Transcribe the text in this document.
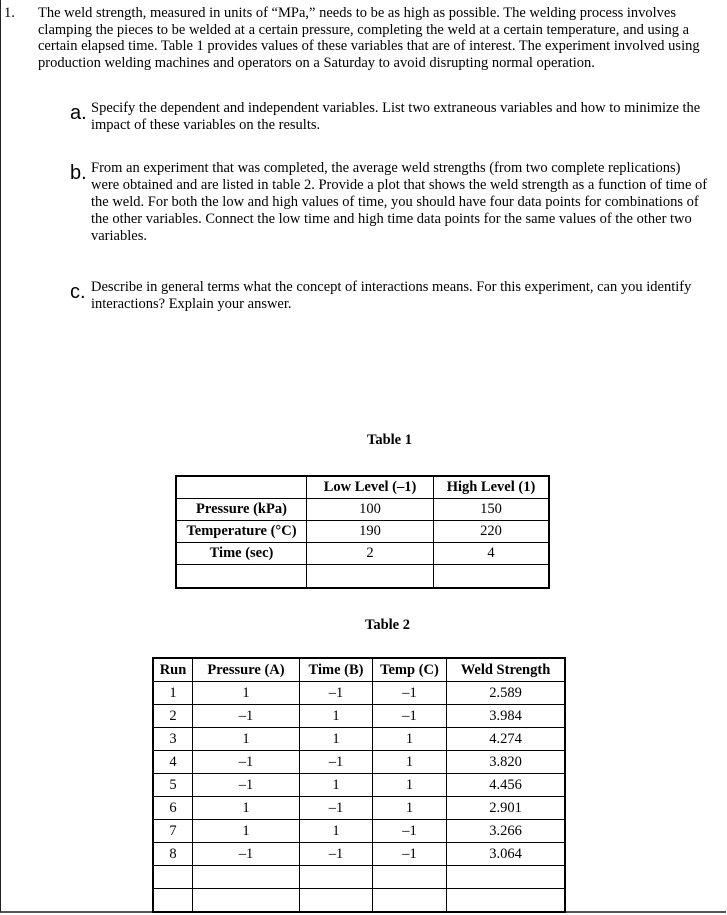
1. The weld strength, measured in units of “MPa,” needs to be as high as possible. The welding process involves clamping the pieces to be welded at a certain pressure, completing the weld at a certain temperature, and using a certain elapsed time. Table 1 provides values of these variables that are of interest. The experiment involved using production welding machines and operators on a Saturday to avoid disrupting normal operation.
a. Specify the dependent and independent variables. List two extraneous variables and how to minimize the impact of these variables on the results.
b. From an experiment that was completed, the average weld strengths (from two complete replications) were obtained and are listed in table 2. Provide a plot that shows the weld strength as a function of time of the weld. For both the low and high values of time, you should have four data points for combinations of the other variables. Connect the low time and high time data points for the same values of the other two variables.
c. Describe in general terms what the concept of interactions means. For this experiment, can you identify interactions? Explain your answer.
Table 1
	Low Level (–1)	High Level (1)
Pressure (kPa)	100	150
Temperature (°C)	190	220
Time (sec)	2	4

Table 2
Run	Pressure (A)	Time (B)	Temp (C)	Weld Strength
1	1	–1	–1	2.589
2	–1	1	–1	3.984
3	1	1	1	4.274
4	–1	–1	1	3.820
5	–1	1	1	4.456
6	1	–1	1	2.901
7	1	1	–1	3.266
8	–1	–1	–1	3.064
